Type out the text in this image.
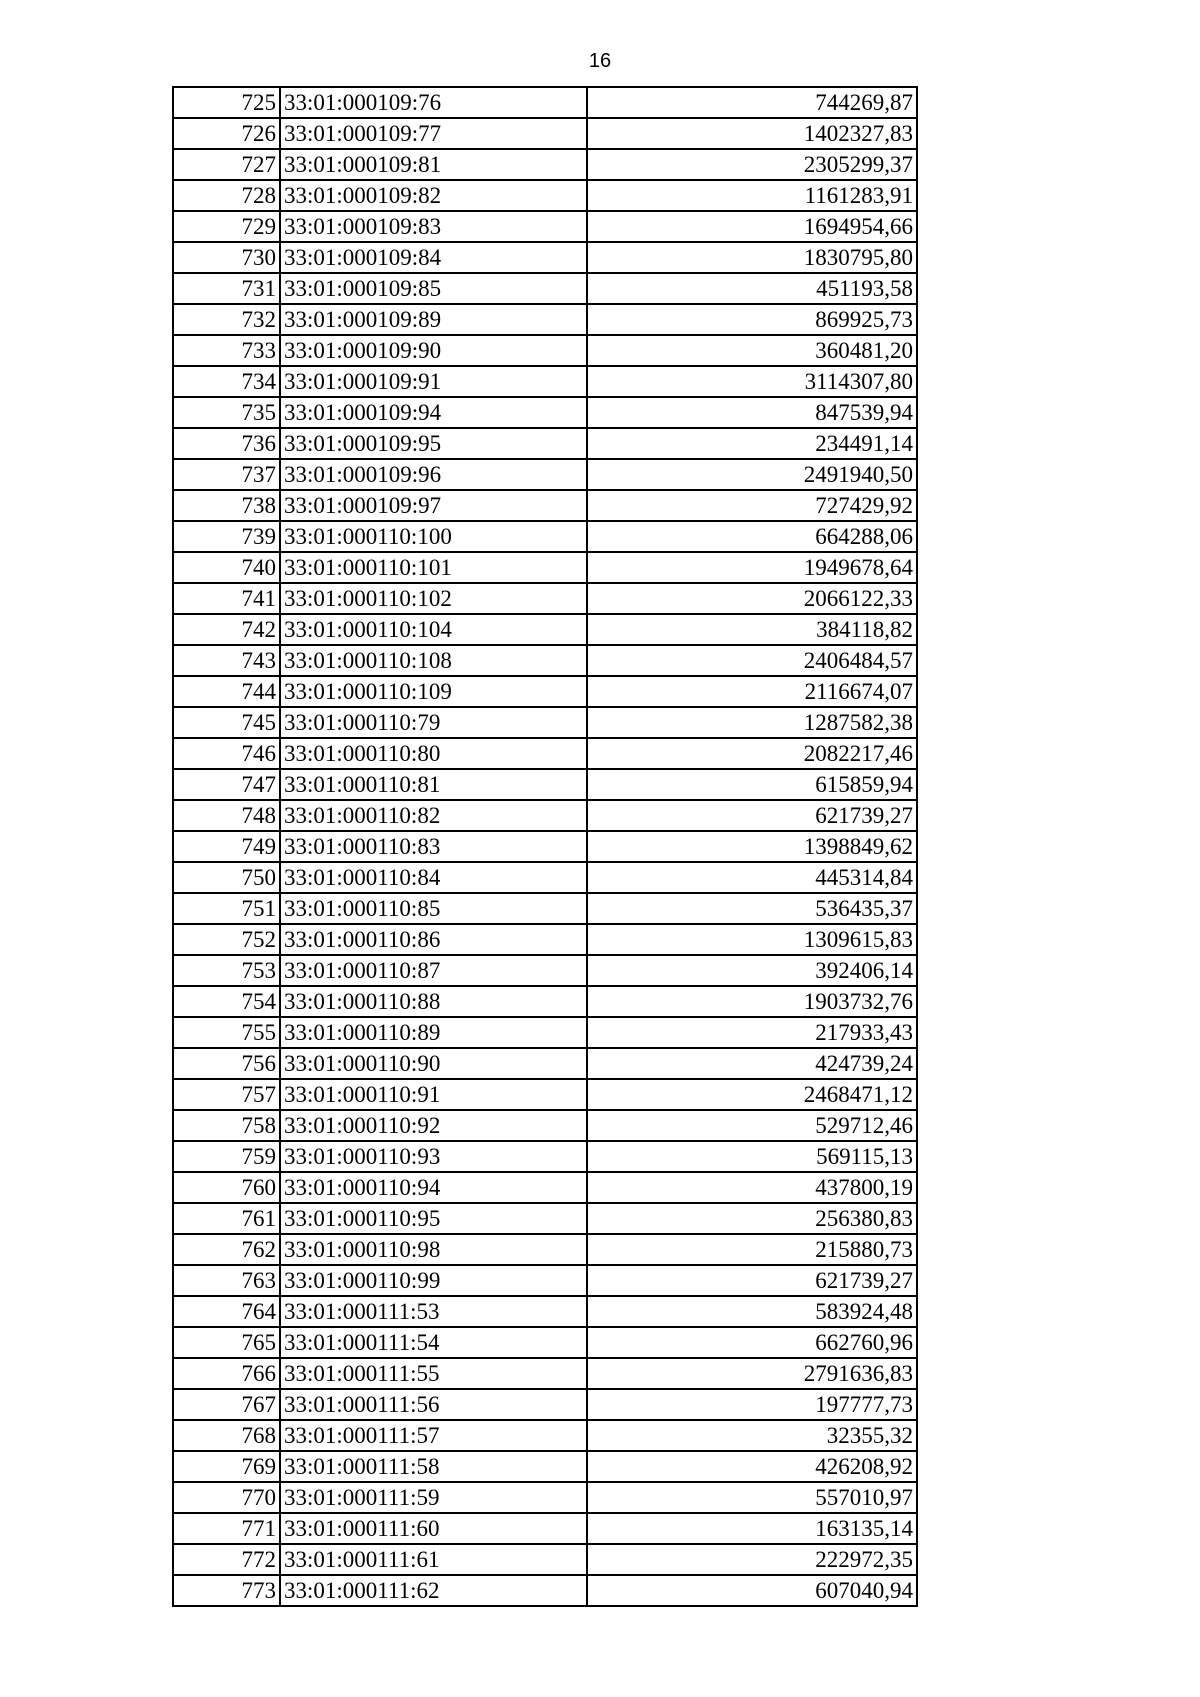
16
725	33:01:000109:76	744269,87
726	33:01:000109:77	1402327,83
727	33:01:000109:81	2305299,37
728	33:01:000109:82	1161283,91
729	33:01:000109:83	1694954,66
730	33:01:000109:84	1830795,80
731	33:01:000109:85	451193,58
732	33:01:000109:89	869925,73
733	33:01:000109:90	360481,20
734	33:01:000109:91	3114307,80
735	33:01:000109:94	847539,94
736	33:01:000109:95	234491,14
737	33:01:000109:96	2491940,50
738	33:01:000109:97	727429,92
739	33:01:000110:100	664288,06
740	33:01:000110:101	1949678,64
741	33:01:000110:102	2066122,33
742	33:01:000110:104	384118,82
743	33:01:000110:108	2406484,57
744	33:01:000110:109	2116674,07
745	33:01:000110:79	1287582,38
746	33:01:000110:80	2082217,46
747	33:01:000110:81	615859,94
748	33:01:000110:82	621739,27
749	33:01:000110:83	1398849,62
750	33:01:000110:84	445314,84
751	33:01:000110:85	536435,37
752	33:01:000110:86	1309615,83
753	33:01:000110:87	392406,14
754	33:01:000110:88	1903732,76
755	33:01:000110:89	217933,43
756	33:01:000110:90	424739,24
757	33:01:000110:91	2468471,12
758	33:01:000110:92	529712,46
759	33:01:000110:93	569115,13
760	33:01:000110:94	437800,19
761	33:01:000110:95	256380,83
762	33:01:000110:98	215880,73
763	33:01:000110:99	621739,27
764	33:01:000111:53	583924,48
765	33:01:000111:54	662760,96
766	33:01:000111:55	2791636,83
767	33:01:000111:56	197777,73
768	33:01:000111:57	32355,32
769	33:01:000111:58	426208,92
770	33:01:000111:59	557010,97
771	33:01:000111:60	163135,14
772	33:01:000111:61	222972,35
773	33:01:000111:62	607040,94
